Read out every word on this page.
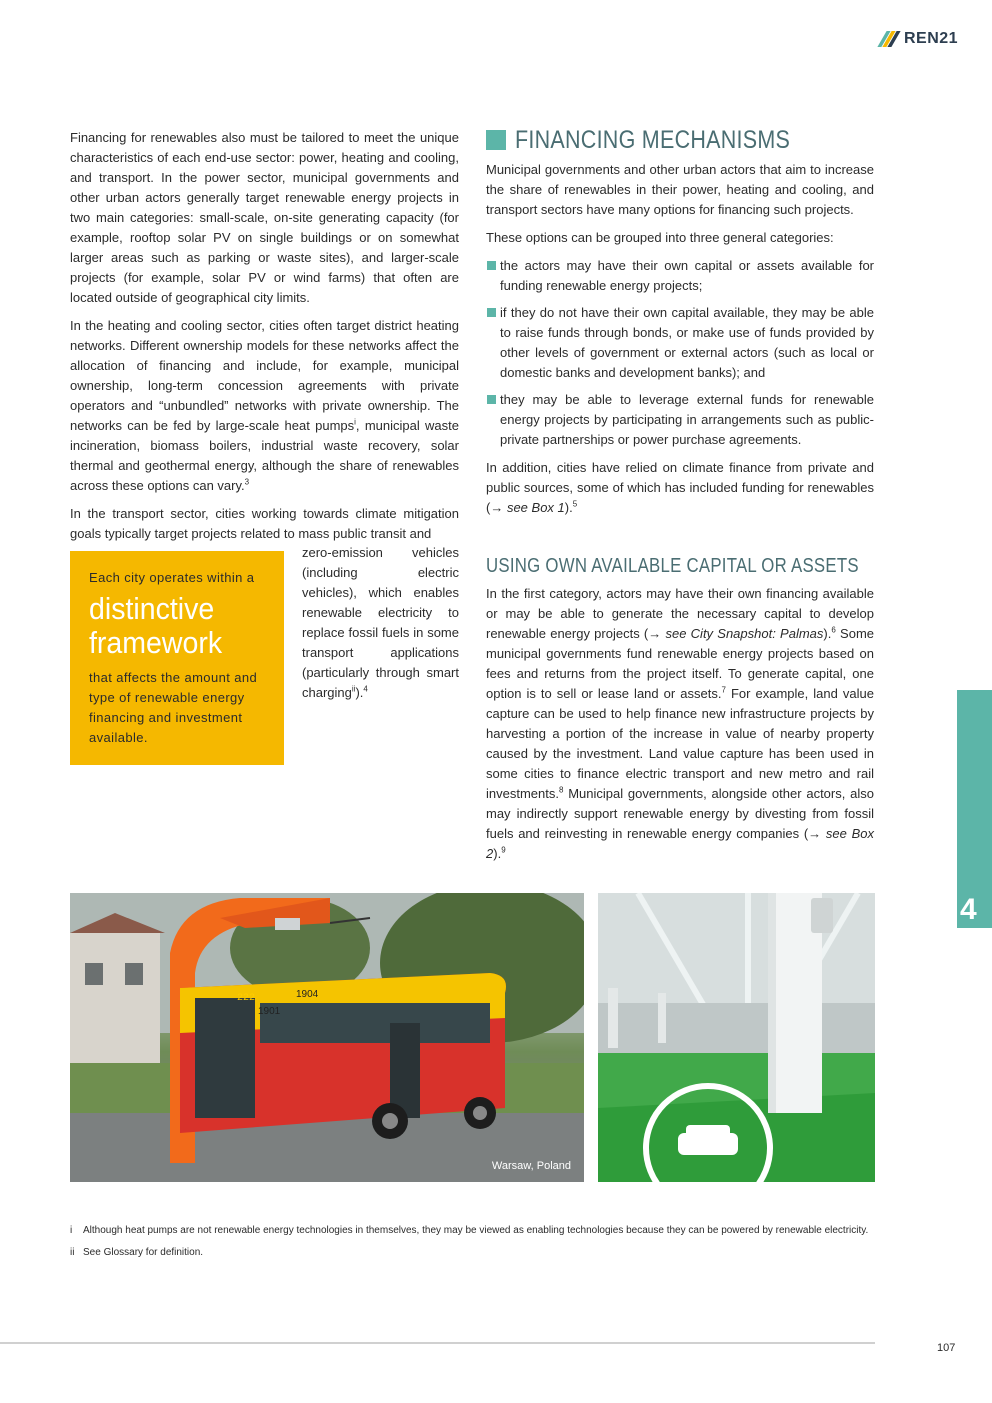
REN21

Financing for renewables also must be tailored to meet the unique characteristics of each end-use sector: power, heating and cooling, and transport. In the power sector, municipal governments and other urban actors generally target renewable energy projects in two main categories: small-scale, on-site generating capacity (for example, rooftop solar PV on single buildings or on somewhat larger areas such as parking or waste sites), and larger-scale projects (for example, solar PV or wind farms) that often are located outside of geographical city limits.

In the heating and cooling sector, cities often target district heating networks. Different ownership models for these networks affect the allocation of financing and include, for example, municipal ownership, long-term concession agreements with private operators and “unbundled” networks with private ownership. The networks can be fed by large-scale heat pumps$^i$, municipal waste incineration, biomass boilers, industrial waste recovery, solar thermal and geothermal energy, although the share of renewables across these options can vary.$^3$

In the transport sector, cities working towards climate mitigation goals typically target projects related to mass public transit and

zero-emission vehicles (including electric vehicles), which enables renewable electricity to replace fossil fuels in some transport applications (particularly through smart charging$^{ii}$).$^4$
Each city operates within a
distinctive
framework
that affects the amount and type of renewable energy financing and investment available.
FINANCING MECHANISMS

Municipal governments and other urban actors that aim to increase the share of renewables in their power, heating and cooling, and transport sectors have many options for financing such projects.

These options can be grouped into three general categories:

the actors may have their own capital or assets available for funding renewable energy projects;
if they do not have their own capital available, they may be able to raise funds through bonds, or make use of funds provided by other levels of government or external actors (such as local or domestic banks and development banks); and
they may be able to leverage external funds for renewable energy projects by participating in arrangements such as public-private partnerships or power purchase agreements.

In addition, cities have relied on climate finance from private and public sources, some of which has included funding for renewables (→ see Box 1).$^5$

USING OWN AVAILABLE CAPITAL OR ASSETS

In the first category, actors may have their own financing available or may be able to generate the necessary capital to develop renewable energy projects (→ see City Snapshot: Palmas).$^6$ Some municipal governments fund renewable energy projects based on fees and returns from the project itself. To generate capital, one option is to sell or lease land or assets.$^7$ For example, land value capture can be used to help finance new infrastructure projects by harvesting a portion of the increase in value of nearby property caused by the investment. Land value capture has been used in some cities to finance electric transport and new metro and rail investments.$^8$ Municipal governments, alongside other actors, also may indirectly support renewable energy by divesting from fossil fuels and reinvesting in renewable energy companies (→ see Box 2).$^9$

222
1901
1904
Warsaw, Poland
4
i	Although heat pumps are not renewable energy technologies in themselves, they may be viewed as enabling technologies because they can be powered by renewable electricity.
ii See Glossary for definition.
107
